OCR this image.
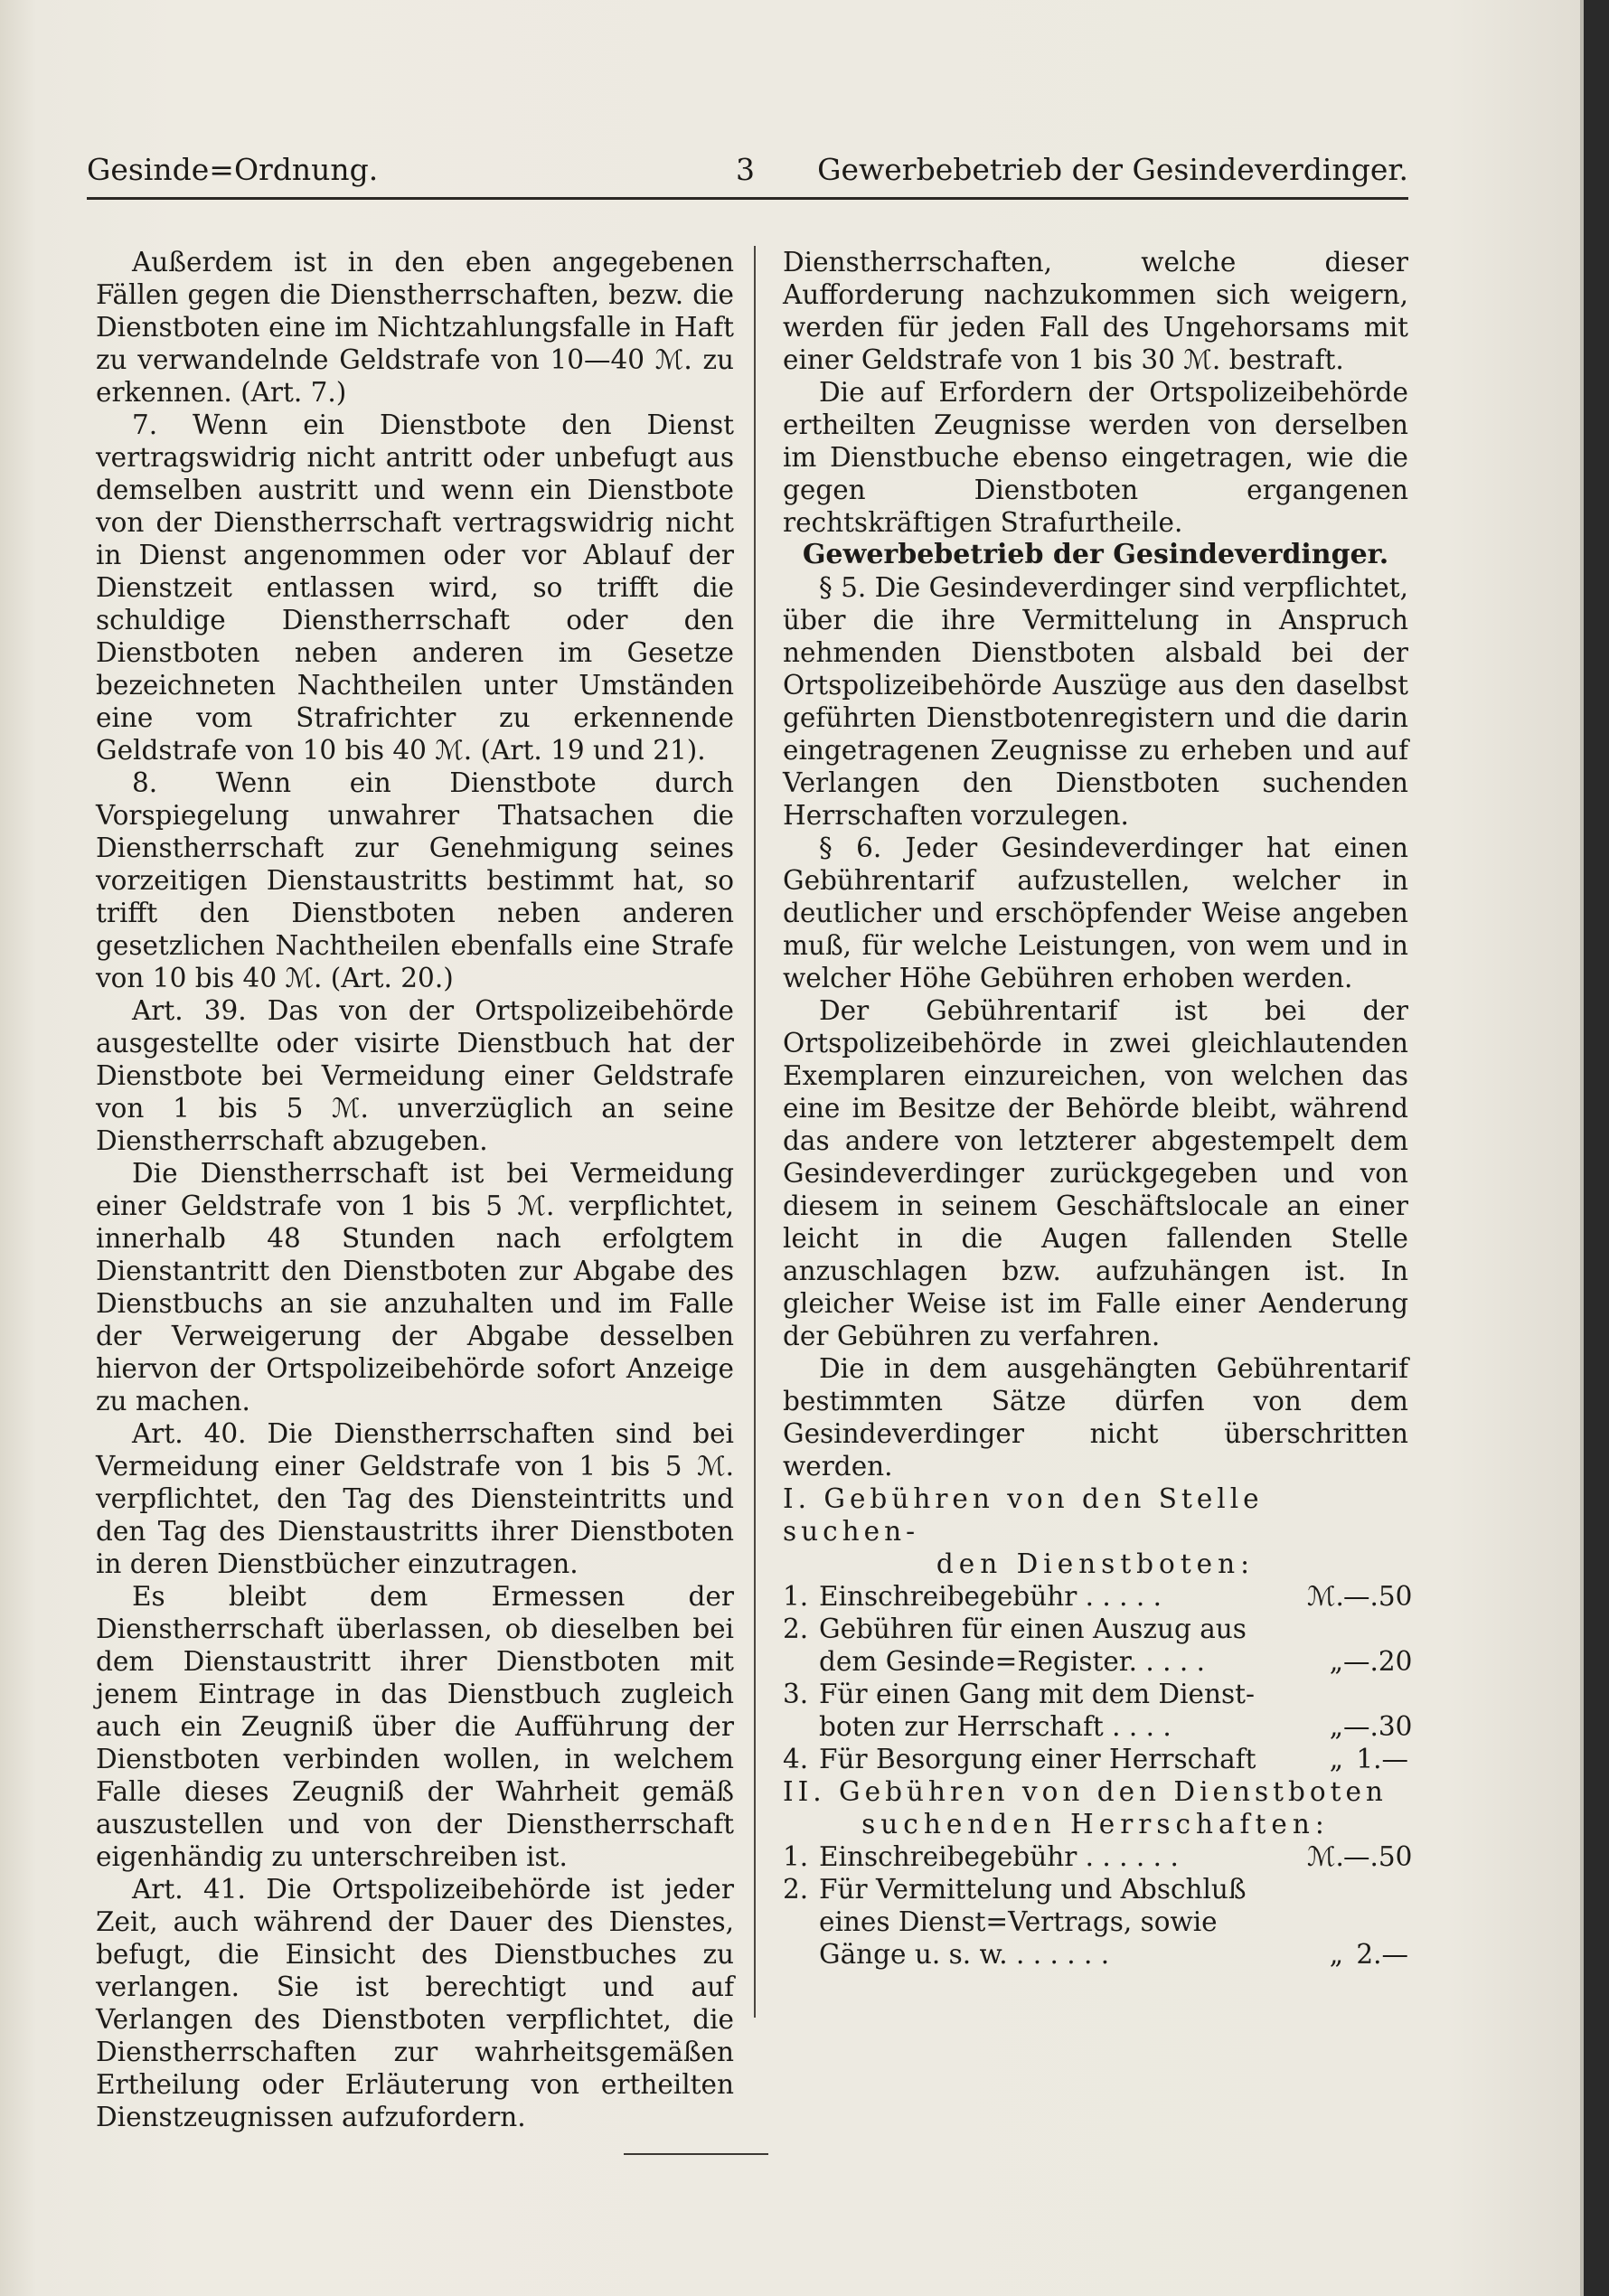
Gesinde=Ordnung.	3 Gewerbebetrieb der Gesindeverdinger.

Außerdem ist in den eben angegebenen Fällen gegen die Dienstherrschaften, bezw. die Dienstboten eine im Nichtzahlungsfalle in Haft zu verwandelnde Geldstrafe von 10—40 ℳ. zu erkennen. (Art. 7.)

7. Wenn ein Dienstbote den Dienst vertragswidrig nicht antritt oder unbefugt aus demselben austritt und wenn ein Dienstbote von der Dienstherrschaft vertragswidrig nicht in Dienst angenommen oder vor Ablauf der Dienstzeit entlassen wird, so trifft die schuldige Dienstherrschaft oder den Dienstboten neben anderen im Gesetze bezeichneten Nachtheilen unter Umständen eine vom Strafrichter zu erkennende Geldstrafe von 10 bis 40 ℳ. (Art. 19 und 21).

8. Wenn ein Dienstbote durch Vorspiegelung unwahrer Thatsachen die Dienstherrschaft zur Genehmigung seines vorzeitigen Dienstaustritts bestimmt hat, so trifft den Dienstboten neben anderen gesetzlichen Nachtheilen ebenfalls eine Strafe von 10 bis 40 ℳ. (Art. 20.)

Art. 39. Das von der Ortspolizeibehörde ausgestellte oder visirte Dienstbuch hat der Dienstbote bei Vermeidung einer Geldstrafe von 1 bis 5 ℳ. unverzüglich an seine Dienstherrschaft abzugeben.

Die Dienstherrschaft ist bei Vermeidung einer Geldstrafe von 1 bis 5 ℳ. verpflichtet, innerhalb 48 Stunden nach erfolgtem Dienstantritt den Dienstboten zur Abgabe des Dienstbuchs an sie anzuhalten und im Falle der Verweigerung der Abgabe desselben hiervon der Ortspolizeibehörde sofort Anzeige zu machen.

Art. 40. Die Dienstherrschaften sind bei Vermeidung einer Geldstrafe von 1 bis 5 ℳ. verpflichtet, den Tag des Diensteintritts und den Tag des Dienstaustritts ihrer Dienstboten in deren Dienstbücher einzutragen.

Es bleibt dem Ermessen der Dienstherrschaft überlassen, ob dieselben bei dem Dienstaustritt ihrer Dienstboten mit jenem Eintrage in das Dienstbuch zugleich auch ein Zeugniß über die Aufführung der Dienstboten verbinden wollen, in welchem Falle dieses Zeugniß der Wahrheit gemäß auszustellen und von der Dienstherrschaft eigenhändig zu unterschreiben ist.

Art. 41. Die Ortspolizeibehörde ist jeder Zeit, auch während der Dauer des Dienstes, befugt, die Einsicht des Dienstbuches zu verlangen. Sie ist berechtigt und auf Verlangen des Dienstboten verpflichtet, die Dienstherrschaften zur wahrheitsgemäßen Ertheilung oder Erläuterung von ertheilten Dienstzeugnissen aufzufordern.

Dienstherrschaften, welche dieser Aufforderung nachzukommen sich weigern, werden für jeden Fall des Ungehorsams mit einer Geldstrafe von 1 bis 30 ℳ. bestraft.

Die auf Erfordern der Ortspolizeibehörde ertheilten Zeugnisse werden von derselben im Dienstbuche ebenso eingetragen, wie die gegen Dienstboten ergangenen rechtskräftigen Strafurtheile.

Gewerbebetrieb der Gesindeverdinger.

§ 5. Die Gesindeverdinger sind verpflichtet, über die ihre Vermittelung in Anspruch nehmenden Dienstboten alsbald bei der Ortspolizeibehörde Auszüge aus den daselbst geführten Dienstbotenregistern und die darin eingetragenen Zeugnisse zu erheben und auf Verlangen den Dienstboten suchenden Herrschaften vorzulegen.

§ 6. Jeder Gesindeverdinger hat einen Gebührentarif aufzustellen, welcher in deutlicher und erschöpfender Weise angeben muß, für welche Leistungen, von wem und in welcher Höhe Gebühren erhoben werden.

Der Gebührentarif ist bei der Ortspolizeibehörde in zwei gleichlautenden Exemplaren einzureichen, von welchen das eine im Besitze der Behörde bleibt, während das andere von letzterer abgestempelt dem Gesindeverdinger zurückgegeben und von diesem in seinem Geschäftslocale an einer leicht in die Augen fallenden Stelle anzuschlagen bzw. aufzuhängen ist. In gleicher Weise ist im Falle einer Aenderung der Gebühren zu verfahren.

Die in dem ausgehängten Gebührentarif bestimmten Sätze dürfen von dem Gesindeverdinger nicht überschritten werden.

I. Gebühren von den Stelle suchen-

den Dienstboten:

1. Einschreibegebühr . . . . .	ℳ. —.50
2. Gebühren für einen Auszug aus
dem Gesinde=Register. . . . .	„ —.20
3. Für einen Gang mit dem Dienst-
boten zur Herrschaft . . . .	„ —.30
4. Für Besorgung einer Herrschaft	„ 1.—

II. Gebühren von den Dienstboten

suchenden Herrschaften:

1. Einschreibegebühr . . . . . .	ℳ. —.50
2. Für Vermittelung und Abschluß
eines Dienst=Vertrags, sowie
Gänge u. s. w. . . . . . .	„ 2.—
